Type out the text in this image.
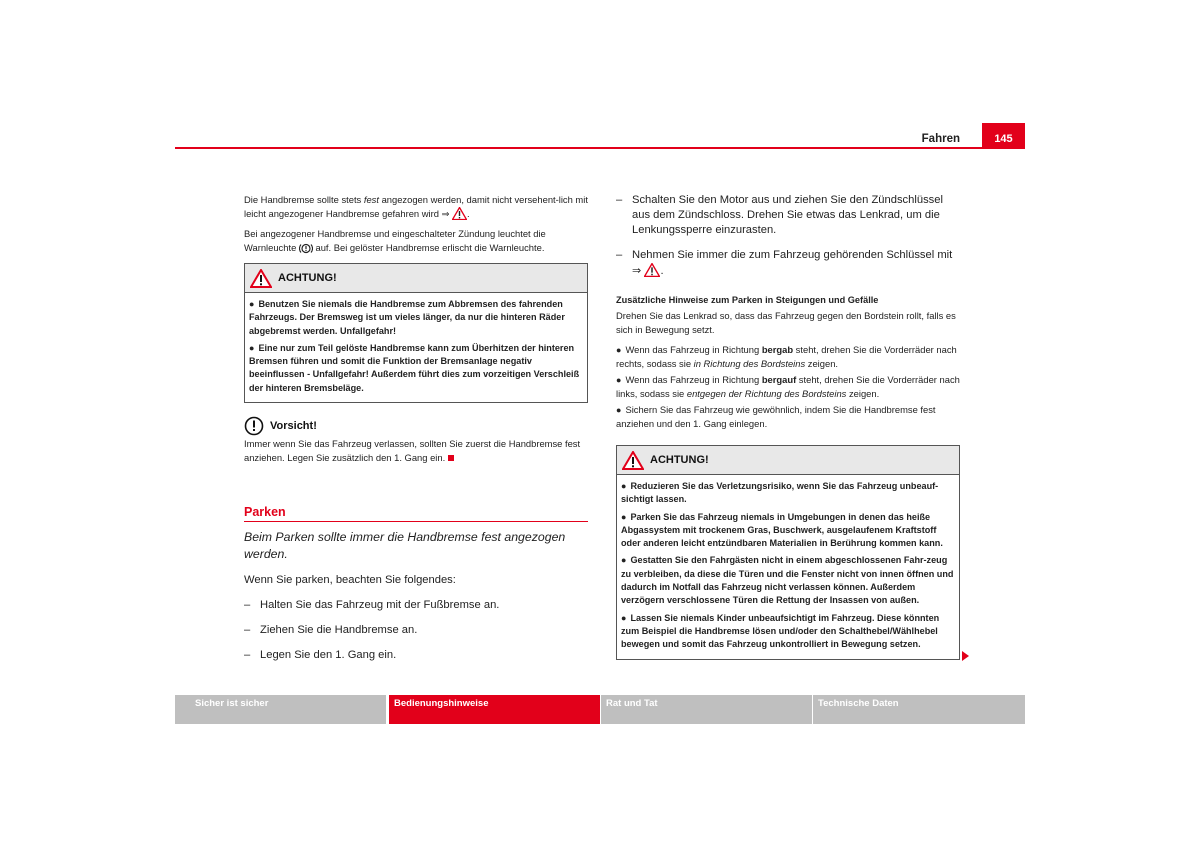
Fahren	145

Die Handbremse sollte stets fest angezogen werden, damit nicht versehent-lich mit leicht angezogener Handbremse gefahren wird ⇒ .

Bei angezogener Handbremse und eingeschalteter Zündung leuchtet die Warnleuchte  auf. Bei gelöster Handbremse erlischt die Warnleuchte.

ACHTUNG!
● Benutzen Sie niemals die Handbremse zum Abbremsen des fahrenden Fahrzeugs. Der Bremsweg ist um vieles länger, da nur die hinteren Räder abgebremst werden. Unfallgefahr!
● Eine nur zum Teil gelöste Handbremse kann zum Überhitzen der hinteren Bremsen führen und somit die Funktion der Bremsanlage negativ beeinflussen - Unfallgefahr! Außerdem führt dies zum vorzeitigen Verschleiß der hinteren Bremsbeläge.
Vorsicht!

Immer wenn Sie das Fahrzeug verlassen, sollten Sie zuerst die Handbremse fest anziehen. Legen Sie zusätzlich den 1. Gang ein.

Parken

Beim Parken sollte immer die Handbremse fest angezogen werden.

Wenn Sie parken, beachten Sie folgendes:

– Halten Sie das Fahrzeug mit der Fußbremse an.
– Ziehen Sie die Handbremse an.
– Legen Sie den 1. Gang ein.
– Schalten Sie den Motor aus und ziehen Sie den Zündschlüssel aus dem Zündschloss. Drehen Sie etwas das Lenkrad, um die Lenkungssperre einzurasten.
– Nehmen Sie immer die zum Fahrzeug gehörenden Schlüssel mit ⇒ .

Zusätzliche Hinweise zum Parken in Steigungen und Gefälle

Drehen Sie das Lenkrad so, dass das Fahrzeug gegen den Bordstein rollt, falls es sich in Bewegung setzt.

● Wenn das Fahrzeug in Richtung bergab steht, drehen Sie die Vorderräder nach rechts, sodass sie in Richtung des Bordsteins zeigen.

● Wenn das Fahrzeug in Richtung bergauf steht, drehen Sie die Vorderräder nach links, sodass sie entgegen der Richtung des Bordsteins zeigen.

● Sichern Sie das Fahrzeug wie gewöhnlich, indem Sie die Handbremse fest anziehen und den 1. Gang einlegen.

ACHTUNG!
● Reduzieren Sie das Verletzungsrisiko, wenn Sie das Fahrzeug unbeauf-sichtigt lassen.
● Parken Sie das Fahrzeug niemals in Umgebungen in denen das heiße Abgassystem mit trockenem Gras, Buschwerk, ausgelaufenem Kraftstoff oder anderen leicht entzündbaren Materialien in Berührung kommen kann.
● Gestatten Sie den Fahrgästen nicht in einem abgeschlossenen Fahr-zeug zu verbleiben, da diese die Türen und die Fenster nicht von innen öffnen und dadurch im Notfall das Fahrzeug nicht verlassen können. Außerdem verzögern verschlossene Türen die Rettung der Insassen von außen.
● Lassen Sie niemals Kinder unbeaufsichtigt im Fahrzeug. Diese könnten zum Beispiel die Handbremse lösen und/oder den Schalthebel/Wählhebel bewegen und somit das Fahrzeug unkontrolliert in Bewegung setzen.
Sicher ist sicher	Bedienungshinweise	Rat und Tat	Technische Daten
